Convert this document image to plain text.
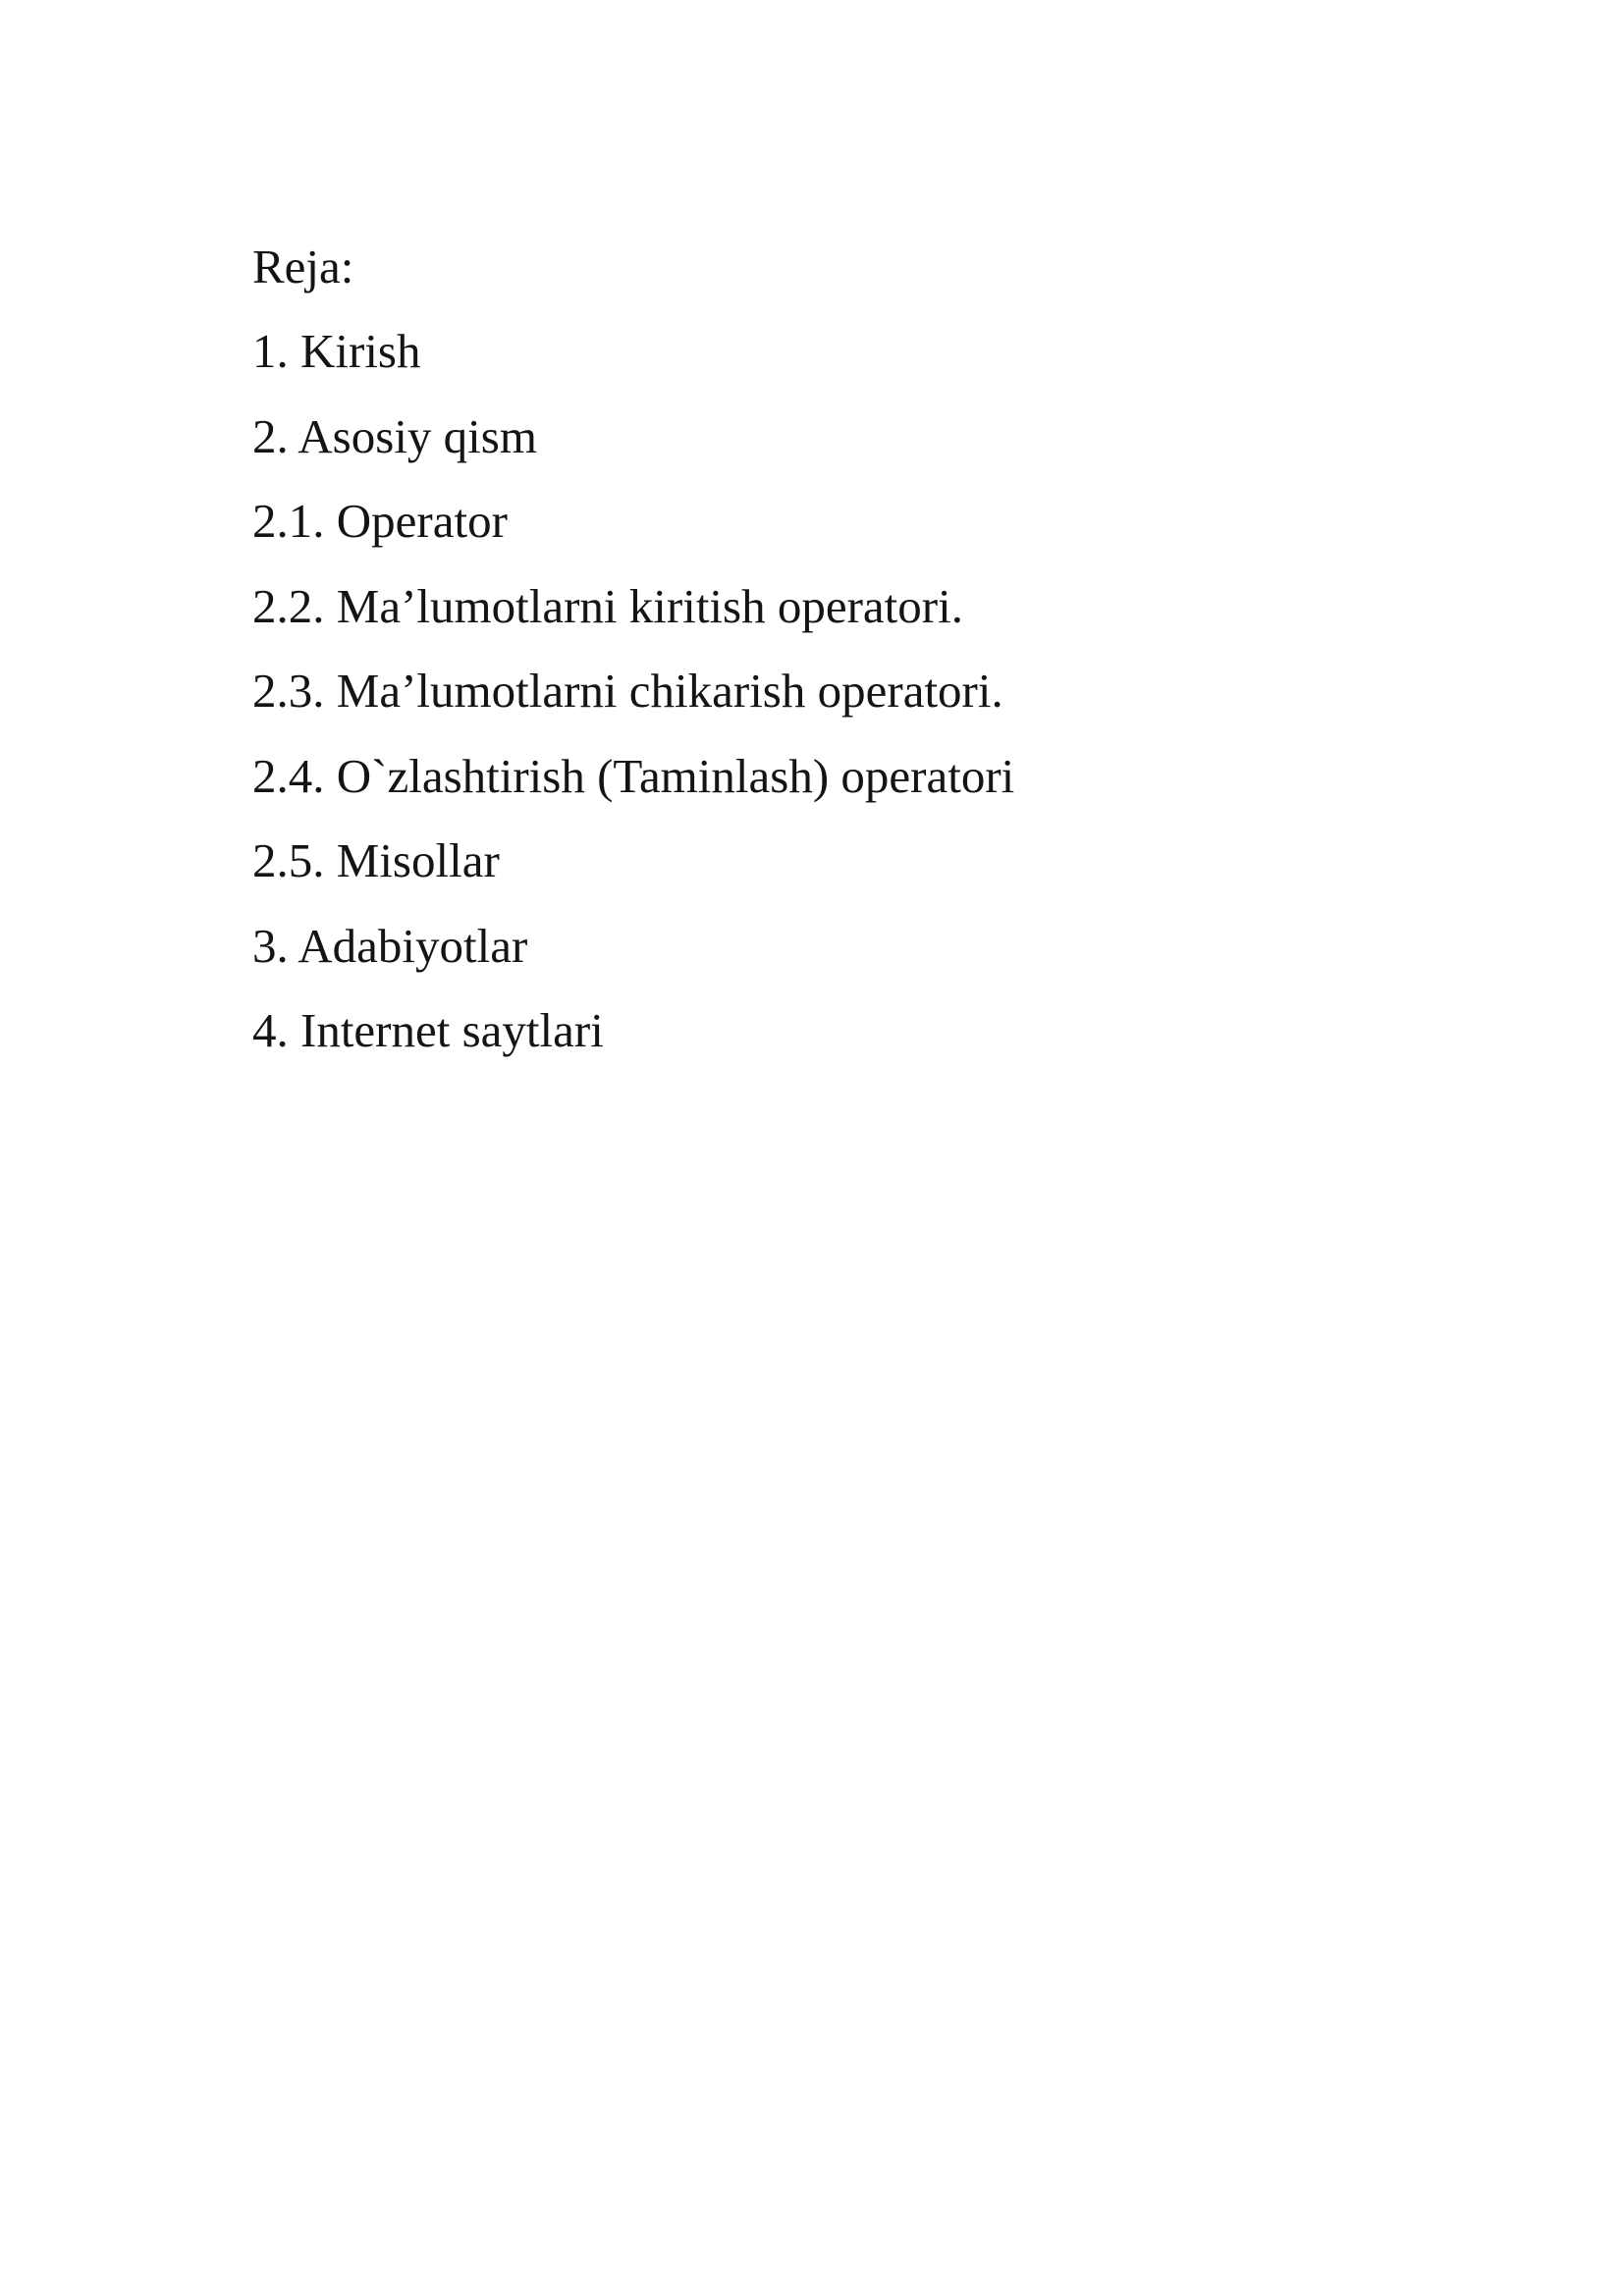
Reja:
1. Kirish
2. Asosiy qism
2.1. Operator
2.2. Ma’lumotlarni kiritish operatori.
2.3. Ma’lumotlarni chikarish operatori.
2.4. O`zlashtirish (Taminlash) operatori
2.5. Misollar
3. Adabiyotlar
4. Internet saytlari
